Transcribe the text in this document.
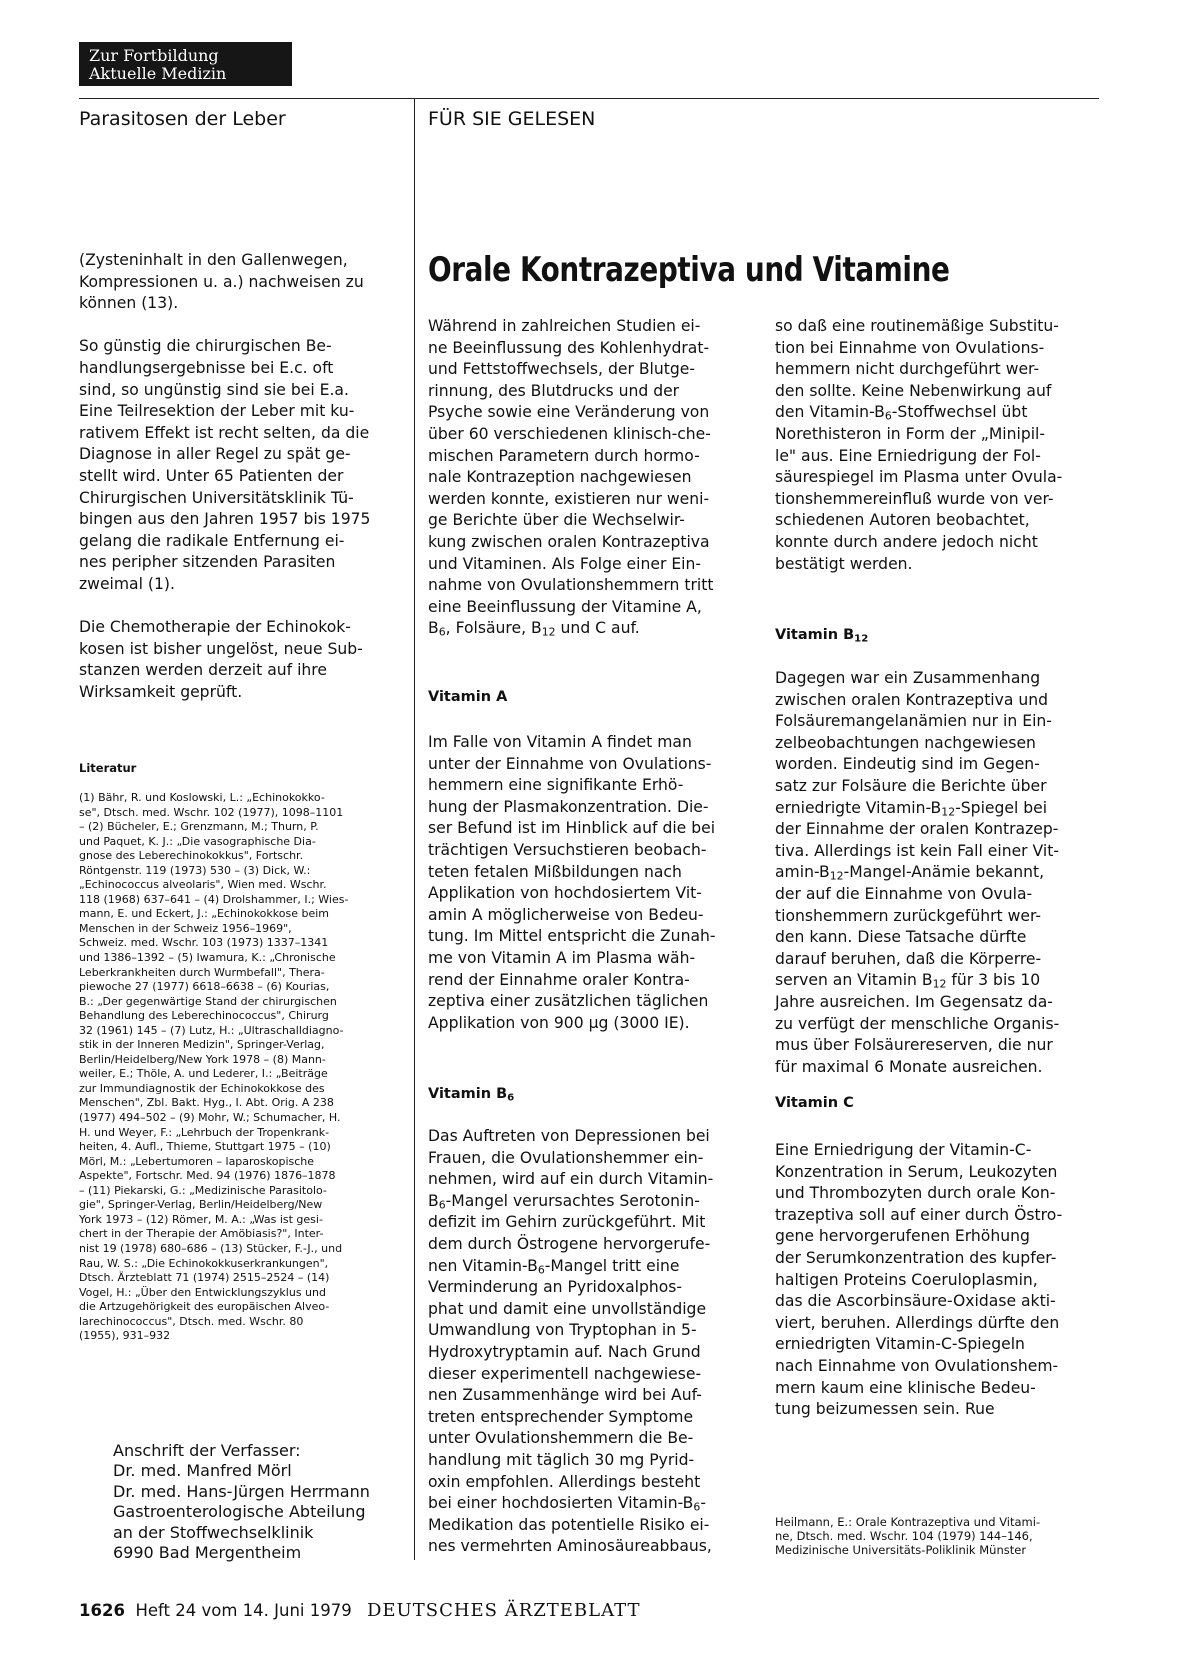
Zur Fortbildung
Aktuelle Medizin
Parasitosen der Leber	FÜR SIE GELESEN
(Zysteninhalt in den Gallenwegen,
Kompressionen u. a.) nachweisen zu
können (13).
So günstig die chirurgischen Be-
handlungsergebnisse bei E.c. oft
sind, so ungünstig sind sie bei E.a.
Eine Teilresektion der Leber mit ku-
rativem Effekt ist recht selten, da die
Diagnose in aller Regel zu spät ge-
stellt wird. Unter 65 Patienten der
Chirurgischen Universitätsklinik Tü-
bingen aus den Jahren 1957 bis 1975
gelang die radikale Entfernung ei-
nes peripher sitzenden Parasiten
zweimal (1).
Die Chemotherapie der Echinokok-
kosen ist bisher ungelöst, neue Sub-
stanzen werden derzeit auf ihre
Wirksamkeit geprüft.
Literatur
(1) Bähr, R. und Koslowski, L.: „Echinokokko-
se", Dtsch. med. Wschr. 102 (1977), 1098–1101
– (2) Bücheler, E.; Grenzmann, M.; Thurn, P.
und Paquet, K. J.: „Die vasographische Dia-
gnose des Leberechinokokkus", Fortschr.
Röntgenstr. 119 (1973) 530 – (3) Dick, W.:
„Echinococcus alveolaris", Wien med. Wschr.
118 (1968) 637–641 – (4) Drolshammer, I.; Wies-
mann, E. und Eckert, J.: „Echinokokkose beim
Menschen in der Schweiz 1956–1969",
Schweiz. med. Wschr. 103 (1973) 1337–1341
und 1386–1392 – (5) Iwamura, K.: „Chronische
Leberkrankheiten durch Wurmbefall", Thera-
piewoche 27 (1977) 6618–6638 – (6) Kourias,
B.: „Der gegenwärtige Stand der chirurgischen
Behandlung des Leberechinococcus", Chirurg
32 (1961) 145 – (7) Lutz, H.: „Ultraschalldiagno-
stik in der Inneren Medizin", Springer-Verlag,
Berlin/Heidelberg/New York 1978 – (8) Mann-
weiler, E.; Thöle, A. und Lederer, I.: „Beiträge
zur Immundiagnostik der Echinokokkose des
Menschen", Zbl. Bakt. Hyg., I. Abt. Orig. A 238
(1977) 494–502 – (9) Mohr, W.; Schumacher, H.
H. und Weyer, F.: „Lehrbuch der Tropenkrank-
heiten, 4. Aufl., Thieme, Stuttgart 1975 – (10)
Mörl, M.: „Lebertumoren – laparoskopische
Aspekte", Fortschr. Med. 94 (1976) 1876–1878
– (11) Piekarski, G.: „Medizinische Parasitolo-
gie", Springer-Verlag, Berlin/Heidelberg/New
York 1973 – (12) Römer, M. A.: „Was ist gesi-
chert in der Therapie der Amöbiasis?", Inter-
nist 19 (1978) 680–686 – (13) Stücker, F.-J., und
Rau, W. S.: „Die Echinokokkuserkrankungen",
Dtsch. Ärzteblatt 71 (1974) 2515–2524 – (14)
Vogel, H.: „Über den Entwicklungszyklus und
die Artzugehörigkeit des europäischen Alveo-
larechinococcus", Dtsch. med. Wschr. 80
(1955), 931–932
Anschrift der Verfasser:
Dr. med. Manfred Mörl
Dr. med. Hans-Jürgen Herrmann
Gastroenterologische Abteilung
an der Stoffwechselklinik
6990 Bad Mergentheim
Orale Kontrazeptiva und Vitamine
Während in zahlreichen Studien ei-
ne Beeinflussung des Kohlenhydrat-
und Fettstoffwechsels, der Blutge-
rinnung, des Blutdrucks und der
Psyche sowie eine Veränderung von
über 60 verschiedenen klinisch-che-
mischen Parametern durch hormo-
nale Kontrazeption nachgewiesen
werden konnte, existieren nur weni-
ge Berichte über die Wechselwir-
kung zwischen oralen Kontrazeptiva
und Vitaminen. Als Folge einer Ein-
nahme von Ovulationshemmern tritt
eine Beeinflussung der Vitamine A,
$B_6$, Folsäure, $B_{12}$ und C auf.
Vitamin A
Im Falle von Vitamin A findet man
unter der Einnahme von Ovulations-
hemmern eine signifikante Erhö-
hung der Plasmakonzentration. Die-
ser Befund ist im Hinblick auf die bei
trächtigen Versuchstieren beobach-
teten fetalen Mißbildungen nach
Applikation von hochdosiertem Vit-
amin A möglicherweise von Bedeu-
tung. Im Mittel entspricht die Zunah-
me von Vitamin A im Plasma wäh-
rend der Einnahme oraler Kontra-
zeptiva einer zusätzlichen täglichen
Applikation von 900 µg (3000 IE).
Vitamin $B_6$
Das Auftreten von Depressionen bei
Frauen, die Ovulationshemmer ein-
nehmen, wird auf ein durch Vitamin-
$B_6$-Mangel verursachtes Serotonin-
defizit im Gehirn zurückgeführt. Mit
dem durch Östrogene hervorgerufe-
nen Vitamin-$B_6$-Mangel tritt eine
Verminderung an Pyridoxalphos-
phat und damit eine unvollständige
Umwandlung von Tryptophan in 5-
Hydroxytryptamin auf. Nach Grund
dieser experimentell nachgewiese-
nen Zusammenhänge wird bei Auf-
treten entsprechender Symptome
unter Ovulationshemmern die Be-
handlung mit täglich 30 mg Pyrid-
oxin empfohlen. Allerdings besteht
bei einer hochdosierten Vitamin-$B_6-$
Medikation das potentielle Risiko ei-
nes vermehrten Aminosäureabbaus,
so daß eine routinemäßige Substitu-
tion bei Einnahme von Ovulations-
hemmern nicht durchgeführt wer-
den sollte. Keine Nebenwirkung auf
den Vitamin-$B_6$-Stoffwechsel übt
Norethisteron in Form der „Minipil-
le" aus. Eine Erniedrigung der Fol-
säurespiegel im Plasma unter Ovula-
tionshemmereinfluß wurde von ver-
schiedenen Autoren beobachtet,
konnte durch andere jedoch nicht
bestätigt werden.
Vitamin $B_{12}$
Dagegen war ein Zusammenhang
zwischen oralen Kontrazeptiva und
Folsäuremangelanämien nur in Ein-
zelbeobachtungen nachgewiesen
worden. Eindeutig sind im Gegen-
satz zur Folsäure die Berichte über
erniedrigte Vitamin-$B_{12}$-Spiegel bei
der Einnahme der oralen Kontrazep-
tiva. Allerdings ist kein Fall einer Vit-
amin-$B_{12}-Mangel$-Anämie bekannt,
der auf die Einnahme von Ovula-
tionshemmern zurückgeführt wer-
den kann. Diese Tatsache dürfte
darauf beruhen, daß die Körperre-
serven an Vitamin $B_{12}$ für 3 bis 10
Jahre ausreichen. Im Gegensatz da-
zu verfügt der menschliche Organis-
mus über Folsäurereserven, die nur
für maximal 6 Monate ausreichen.
Vitamin C
Eine Erniedrigung der Vitamin-C-
Konzentration in Serum, Leukozyten
und Thrombozyten durch orale Kon-
trazeptiva soll auf einer durch Östro-
gene hervorgerufenen Erhöhung
der Serumkonzentration des kupfer-
haltigen Proteins Coeruloplasmin,
das die Ascorbinsäure-Oxidase akti-
viert, beruhen. Allerdings dürfte den
erniedrigten Vitamin-C-Spiegeln
nach Einnahme von Ovulationshem-
mern kaum eine klinische Bedeu-
tung beizumessen sein. Rue
Heilmann, E.: Orale Kontrazeptiva und Vitami-
ne, Dtsch. med. Wschr. 104 (1979) 144–146,
Medizinische Universitäts-Poliklinik Münster
1626 Heft 24 vom 14. Juni 1979 DEUTSCHES ÄRZTEBLATT
